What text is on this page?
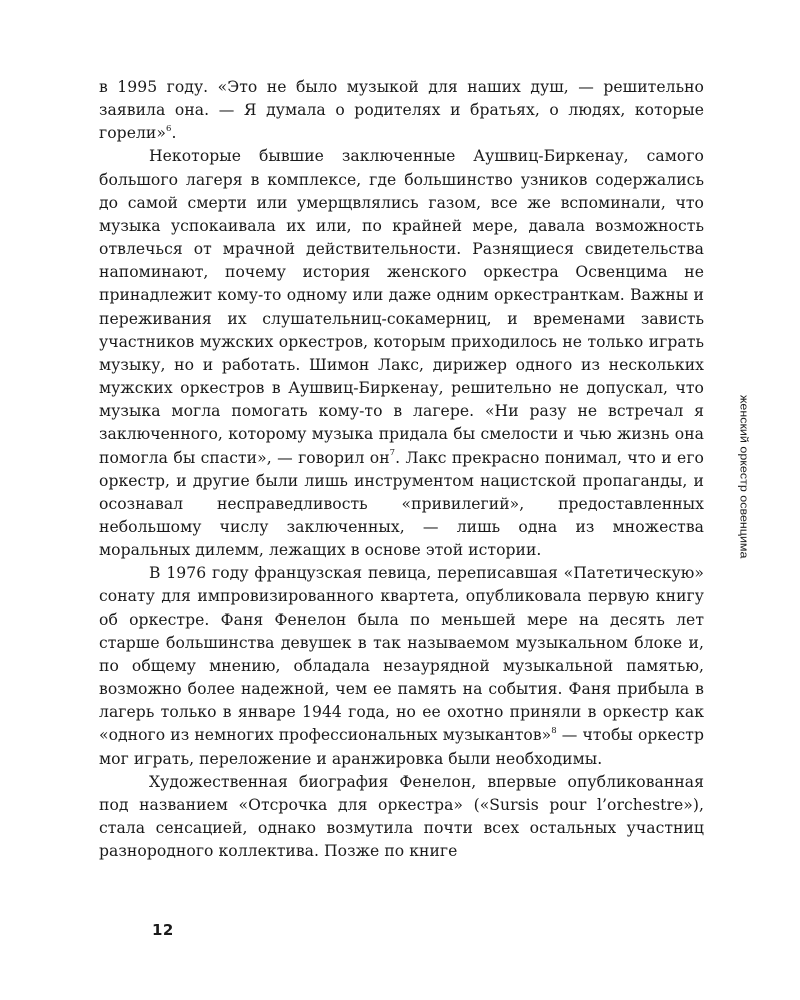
в 1995 году. «Это не было музыкой для наших душ, — решительно заявила она. — Я думала о родителях и братьях, о людях, которые горели»$^6$.

Некоторые бывшие заключенные Аушвиц-Биркенау, самого большого лагеря в комплексе, где большинство узников содержались до самой смерти или умерщвлялись газом, все же вспоминали, что музыка успокаивала их или, по крайней мере, давала возможность отвлечься от мрачной действительности. Разнящиеся свидетельства напоминают, почему история женского оркестра Освенцима не принадлежит кому-то одному или даже одним оркестранткам. Важны и переживания их слушательниц-сокамерниц, и временами зависть участников мужских оркестров, которым приходилось не только играть музыку, но и работать. Шимон Лакс, дирижер одного из нескольких мужских оркестров в Аушвиц-Биркенау, решительно не допускал, что музыка могла помогать кому-то в лагере. «Ни разу не встречал я заключенного, которому музыка придала бы смелости и чью жизнь она помогла бы спасти», — говорил он$^7$. Лакс прекрасно понимал, что и его оркестр, и другие были лишь инструментом нацистской пропаганды, и осознавал несправедливость «привилегий», предоставленных небольшому числу заключенных, — лишь одна из множества моральных дилемм, лежащих в основе этой истории.

В 1976 году французская певица, переписавшая «Патетическую» сонату для импровизированного квартета, опубликовала первую книгу об оркестре. Фаня Фенелон была по меньшей мере на десять лет старше большинства девушек в так называемом музыкальном блоке и, по общему мнению, обладала незаурядной музыкальной памятью, возможно более надежной, чем ее память на события. Фаня прибыла в лагерь только в январе 1944 года, но ее охотно приняли в оркестр как «одного из немногих профессиональных музыкантов»$^8$ — чтобы оркестр мог играть, переложение и аранжировка были необходимы.

Художественная биография Фенелон, впервые опубликованная под названием «Отсрочка для оркестра» («Sursis pour l’orchestre»), стала сенсацией, однако возмутила почти всех остальных участниц разнородного коллектива. Позже по книге

женский оркестр освенцима
12
